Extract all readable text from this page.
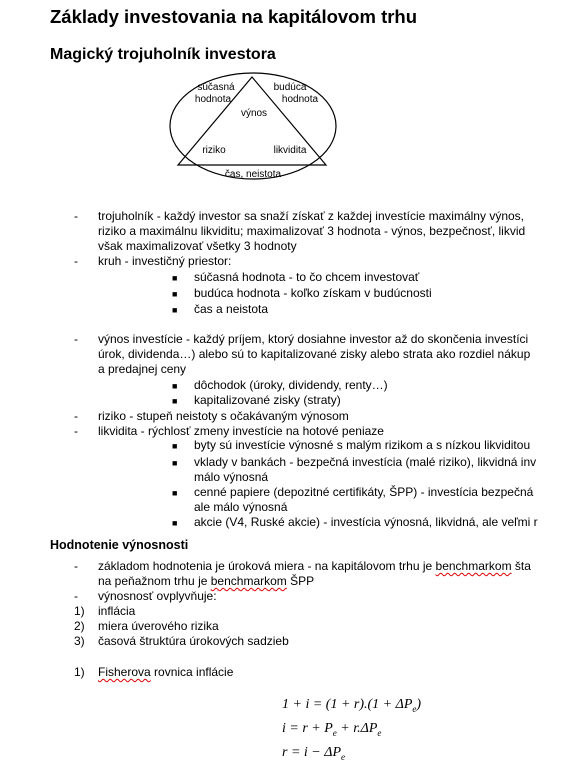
Základy investovania na kapitálovom trhu
Magický trojuholník investora
súčasná
hodnota
budúca
hodnota
výnos
riziko	likvidita
čas, neistota
- trojuholník - každý investor sa snaží získať z každej investície maximálny výnos,
riziko a maximálnu likviditu; maximalizovať 3 hodnota - výnos, bezpečnosť, likvid
však maximalizovať všetky 3 hodnoty
- kruh - investičný priestor:
■ súčasná hodnota - to čo chcem investovať
■ budúca hodnota - koľko získam v budúcnosti
■ čas a neistota
- výnos investície - každý príjem, ktorý dosiahne investor až do skončenia investíci
úrok, dividenda…) alebo sú to kapitalizované zisky alebo strata ako rozdiel nákup
a predajnej ceny
■ dôchodok (úroky, dividendy, renty…)
■ kapitalizované zisky (straty)
- riziko - stupeň neistoty s očakávaným výnosom
- likvidita - rýchlosť zmeny investície na hotové peniaze
■ byty sú investície výnosné s malým rizikom a s nízkou likviditou
■ vklady v bankách - bezpečná investícia (malé riziko), likvidná inv
málo výnosná
■ cenné papiere (depozitné certifikáty, ŠPP) - investícia bezpečná
ale málo výnosná
■ akcie (V4, Ruské akcie) - investícia výnosná, likvidná, ale veľmi r
Hodnotenie výnosnosti
- základom hodnotenia je úroková miera - na kapitálovom trhu je benchmarkom šta
na peňažnom trhu je benchmarkom ŠPP
- výnosnosť ovplyvňuje:
1) inflácia
2) miera úverového rizika
3) časová štruktúra úrokových sadzieb
1) Fisherova rovnica inflácie
$1 + i = (1 + r).(1 + \Delta P_e)$
$i = r + P_e + r.\Delta P_e$
$r = i - \Delta P_e$
